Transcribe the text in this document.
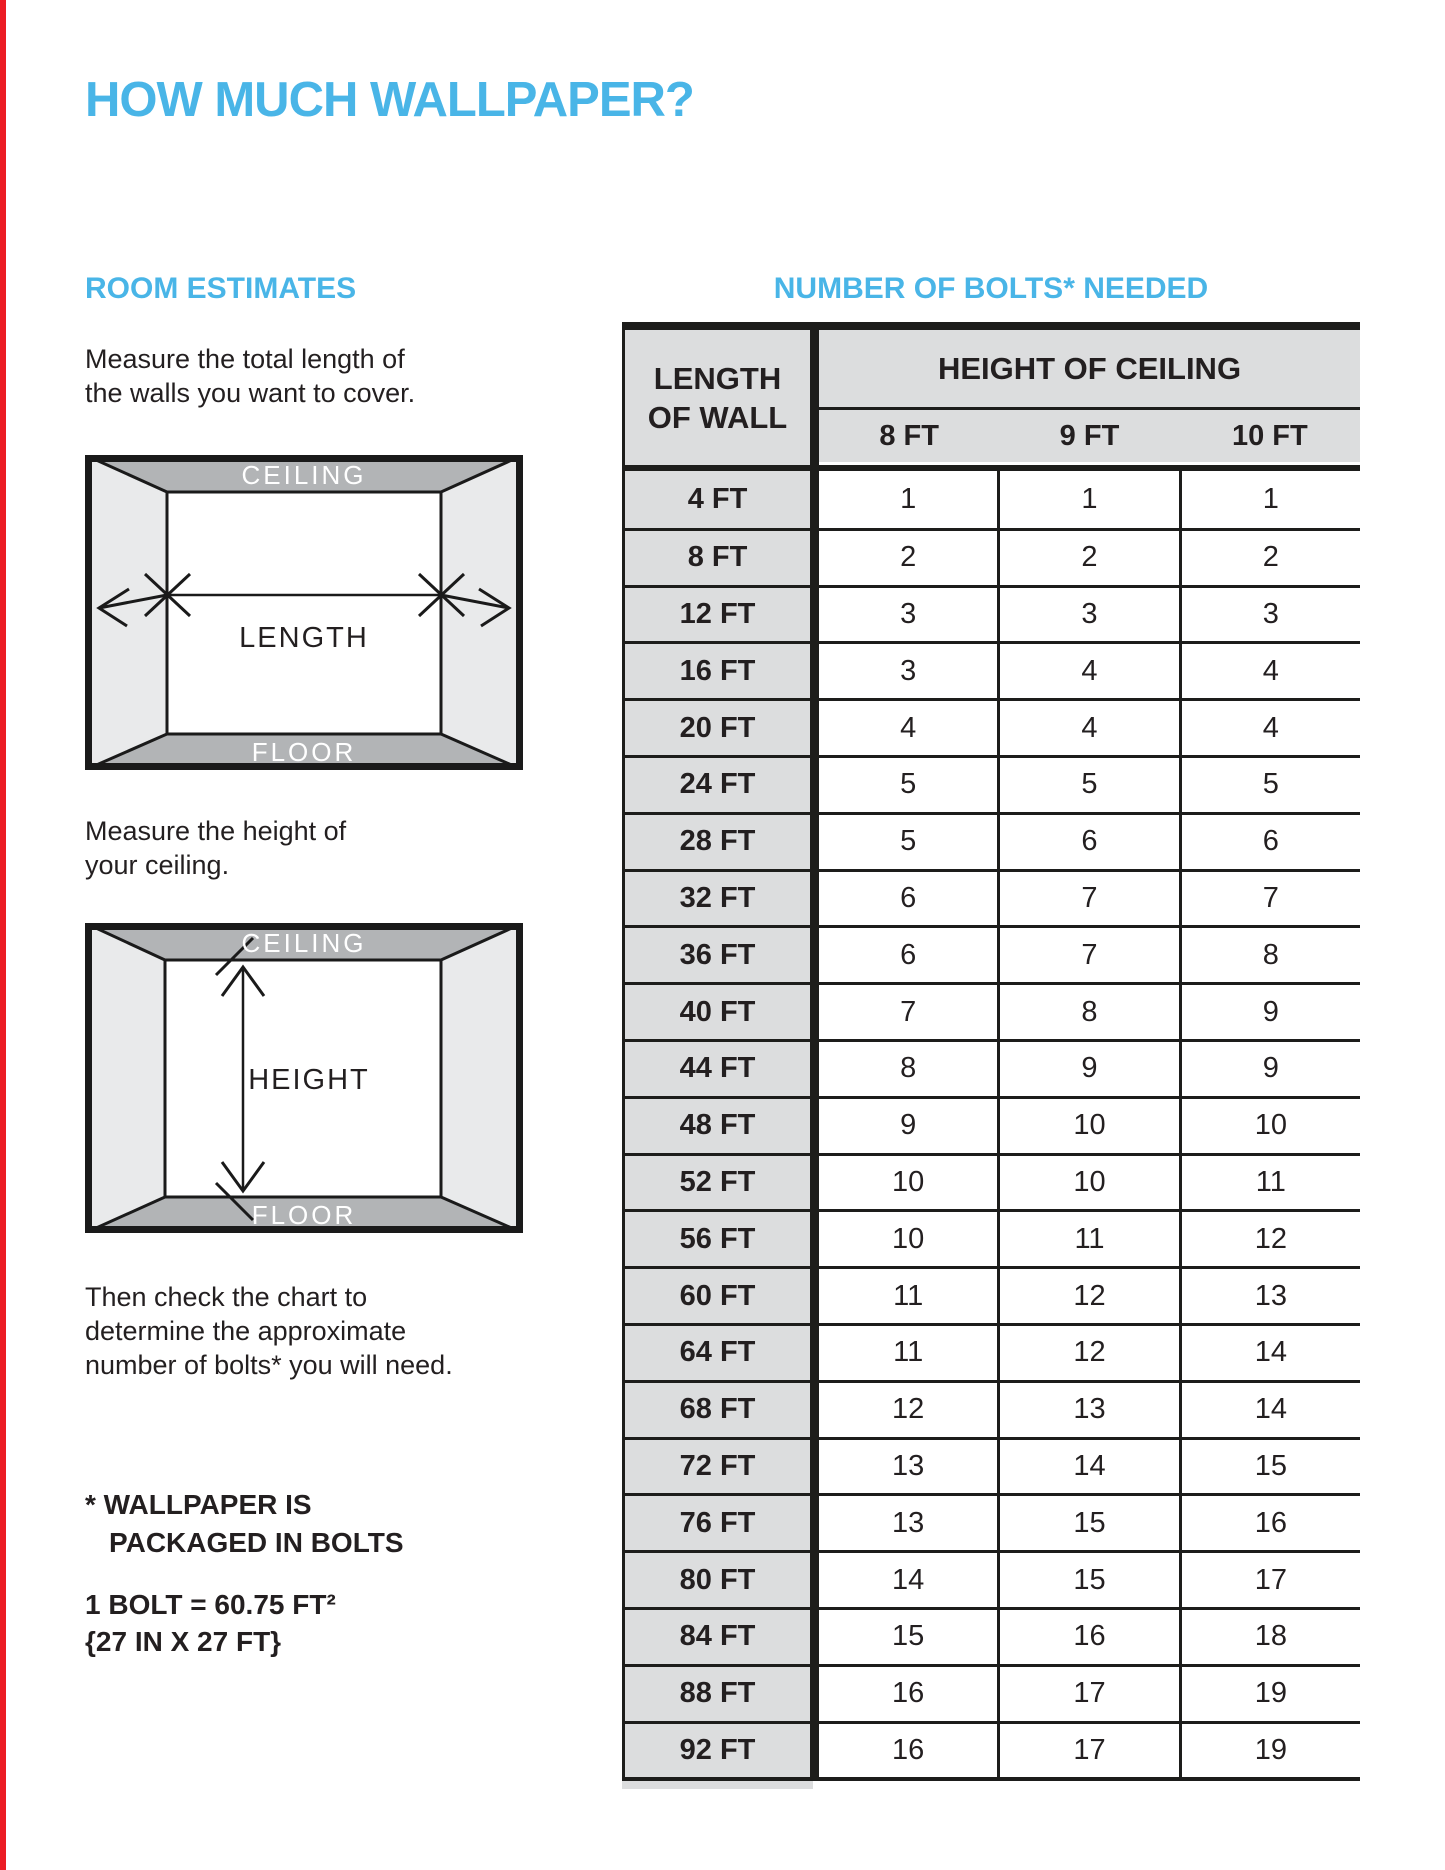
HOW MUCH WALLPAPER?
ROOM ESTIMATES	NUMBER OF BOLTS* NEEDED
Measure the total length of
the walls you want to cover.
CEILING
FLOOR
LENGTH
Measure the height of
your ceiling.
CEILING
FLOOR
HEIGHT
Then check the chart to
determine the approximate
number of bolts* you will need.
* WALLPAPER IS
PACKAGED IN BOLTS
1 BOLT = 60.75 FT²
{27 IN X 27 FT}
LENGTH
OF WALL
HEIGHT OF CEILING
8 FT	9 FT	10 FT
4 FT	1	1	1
8 FT	2	2	2
12 FT	3	3	3
16 FT	3	4	4
20 FT	4	4	4
24 FT	5	5	5
28 FT	5	6	6
32 FT	6	7	7
36 FT	6	7	8
40 FT	7	8	9
44 FT	8	9	9
48 FT	9	10	10
52 FT	10	10	11
56 FT	10	11	12
60 FT	11	12	13
64 FT	11	12	14
68 FT	12	13	14
72 FT	13	14	15
76 FT	13	15	16
80 FT	14	15	17
84 FT	15	16	18
88 FT	16	17	19
92 FT	16	17	19
